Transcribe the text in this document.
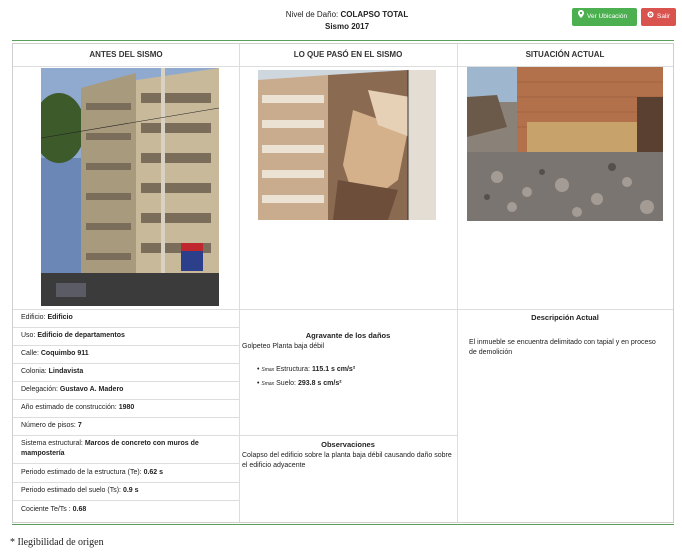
Nivel de Daño: COLAPSO TOTAL
Sismo 2017
Ver Ubicación	Salir
ANTES DEL SISMO	LO QUE PASÓ EN EL SISMO	SITUACIÓN ACTUAL
Edificio: Edificio
Uso: Edificio de departamentos
Calle: Coquimbo 911
Colonia: Lindavista
Delegación: Gustavo A. Madero
Año estimado de construcción: 1980
Número de pisos: 7
Sistema estructural: Marcos de concreto con muros de mampostería
Periodo estimado de la estructura (Te): 0.62 s
Periodo estimado del suelo (Ts): 0.9 s
Cociente Te/Ts : 0.68
Agravante de los daños
Golpeteo Planta baja débil
• Smax Estructura: 115.1 s cm/s²
• Smax Suelo: 293.8 s cm/s²
Observaciones
Colapso del edificio sobre la planta baja débil causando daño sobre el edificio adyacente
Descripción Actual
El inmueble se encuentra delimitado con tapial y en proceso de demolición
* Ilegibilidad de origen
